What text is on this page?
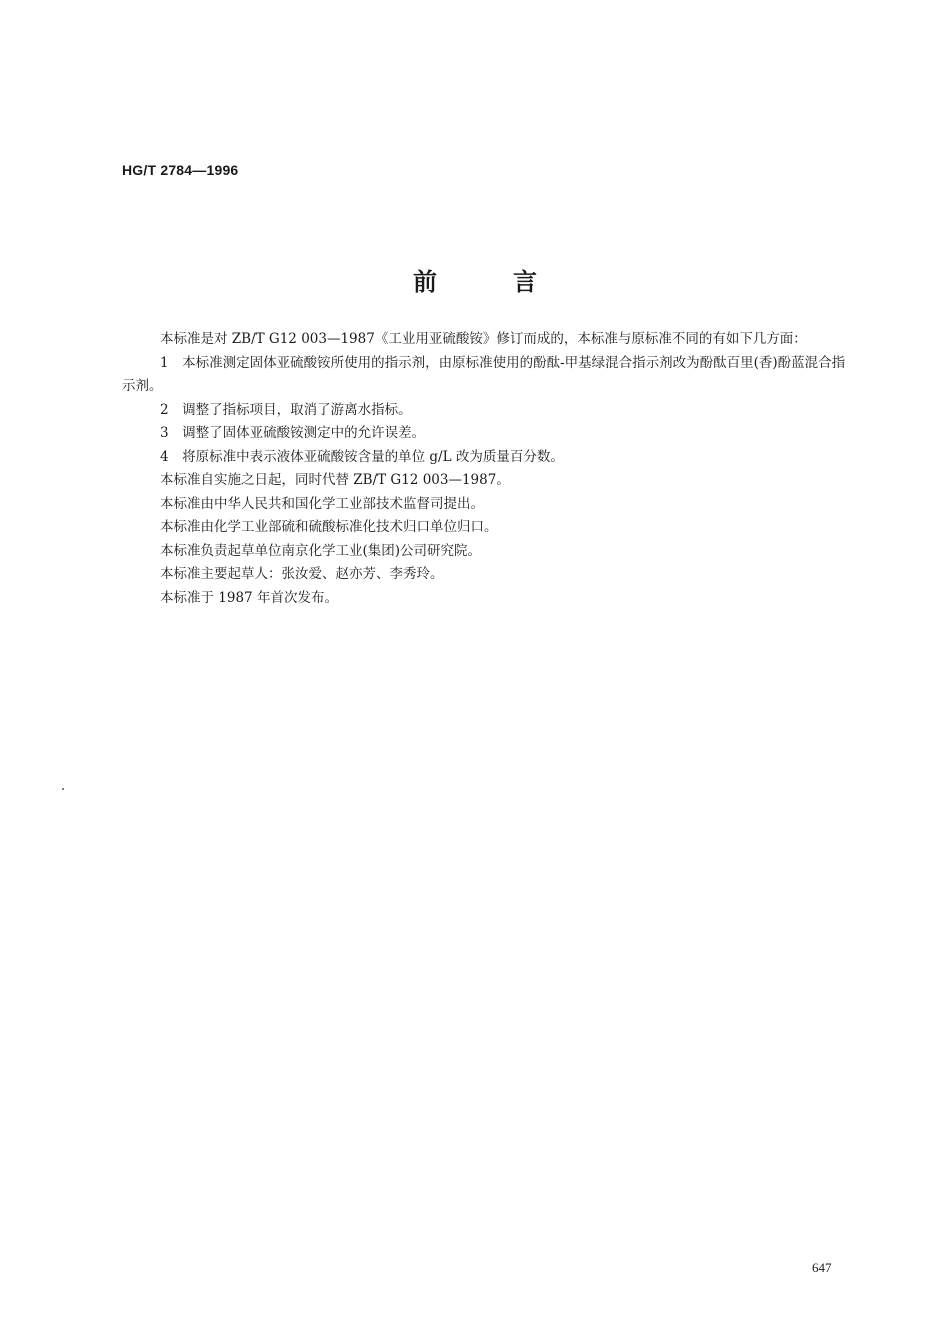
HG/T 2784—1996
前言

本标准是对 ZB/T G12 003—1987《工业用亚硫酸铵》修订而成的，本标准与原标准不同的有如下几方面：

1　本标准测定固体亚硫酸铵所使用的指示剂，由原标准使用的酚酞-甲基绿混合指示剂改为酚酞百里(香)酚蓝混合指示剂。

2　调整了指标项目，取消了游离水指标。

3　调整了固体亚硫酸铵测定中的允许误差。

4　将原标准中表示液体亚硫酸铵含量的单位 g/L 改为质量百分数。

本标准自实施之日起，同时代替 ZB/T G12 003—1987。

本标准由中华人民共和国化学工业部技术监督司提出。

本标准由化学工业部硫和硫酸标准化技术归口单位归口。

本标准负责起草单位南京化学工业(集团)公司研究院。

本标准主要起草人：张汝爱、赵亦芳、李秀玲。

本标准于 1987 年首次发布。

647
